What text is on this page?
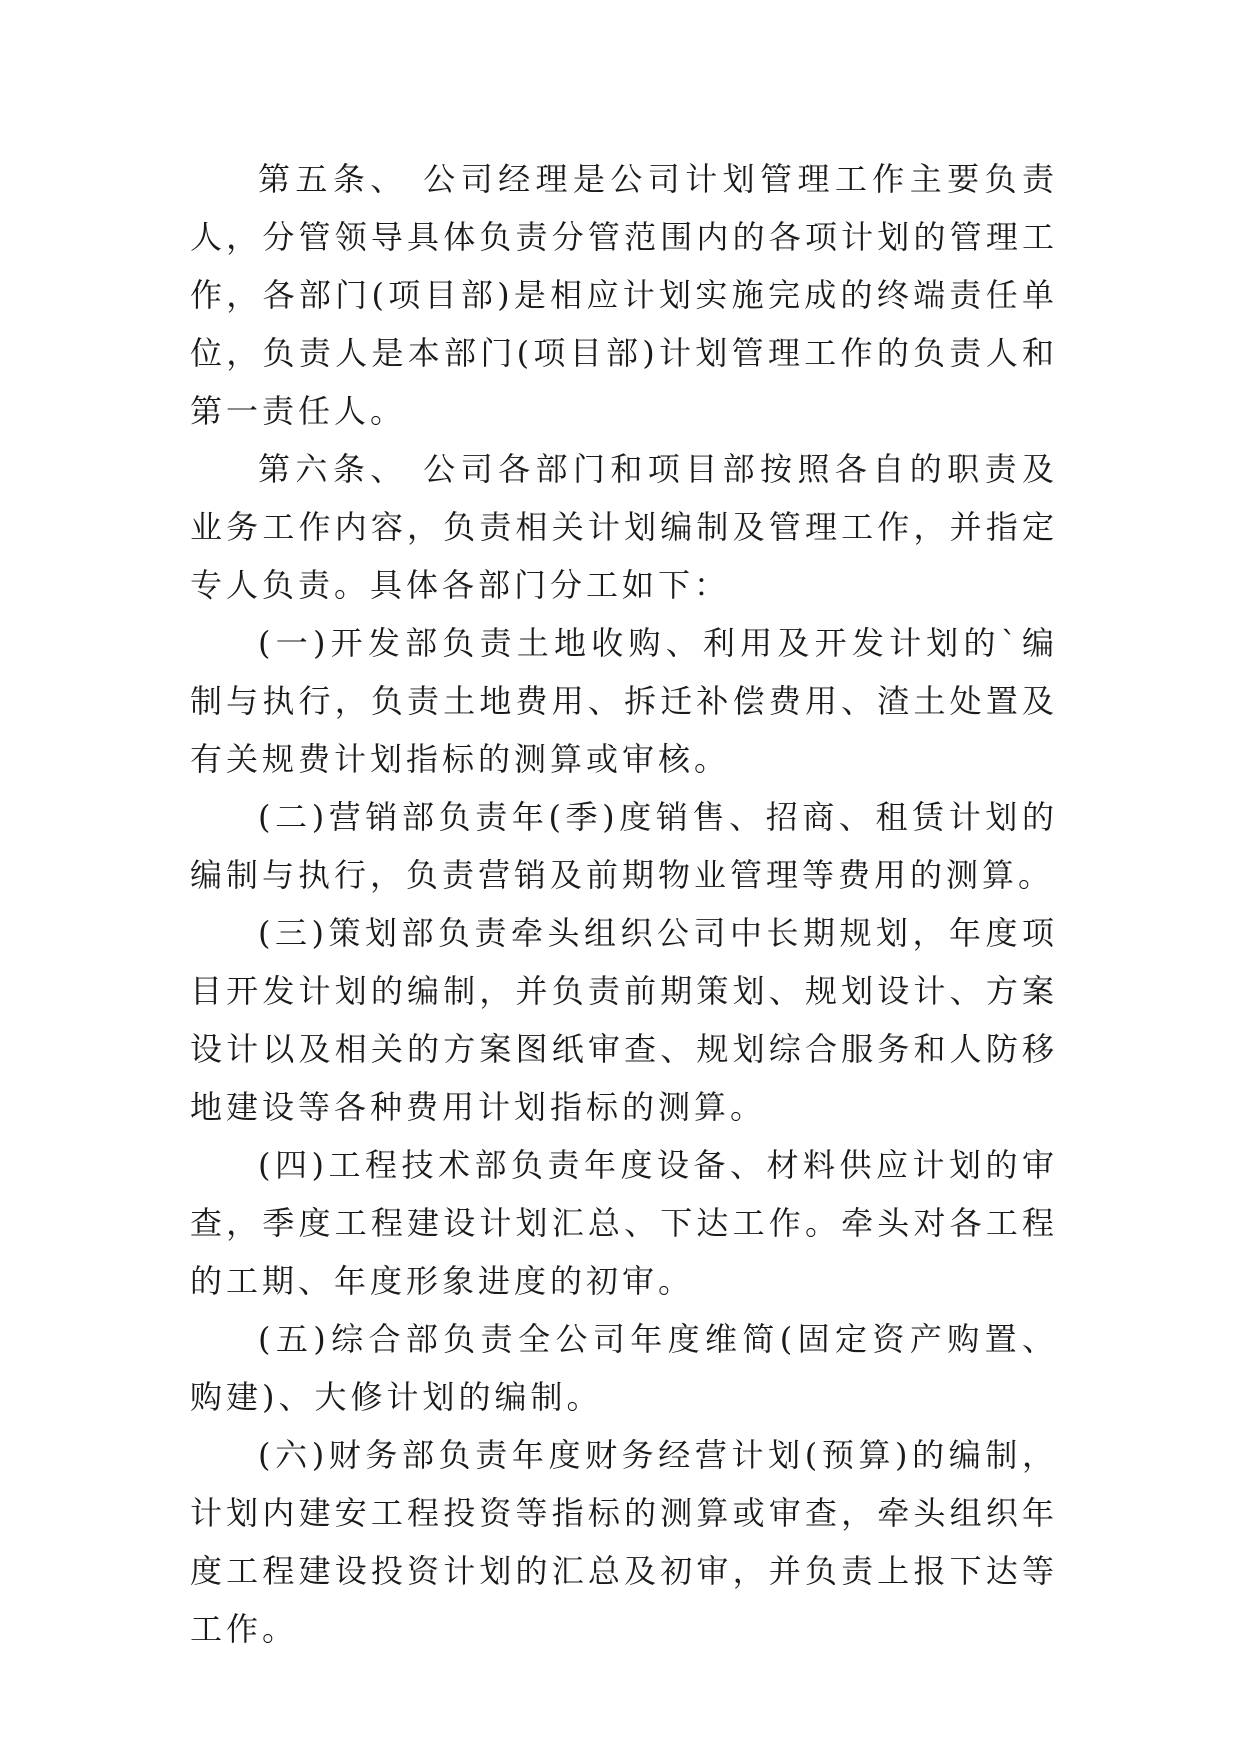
第五条、 公司经理是公司计划管理工作主要负责人，分管领导具体负责分管范围内的各项计划的管理工作，各部门(项目部)是相应计划实施完成的终端责任单位，负责人是本部门(项目部)计划管理工作的负责人和第一责任人。

第六条、 公司各部门和项目部按照各自的职责及业务工作内容，负责相关计划编制及管理工作，并指定专人负责。具体各部门分工如下：

(一)开发部负责土地收购、利用及开发计划的`编制与执行，负责土地费用、拆迁补偿费用、渣土处置及有关规费计划指标的测算或审核。

(二)营销部负责年(季)度销售、招商、租赁计划的编制与执行，负责营销及前期物业管理等费用的测算。

(三)策划部负责牵头组织公司中长期规划，年度项目开发计划的编制，并负责前期策划、规划设计、方案设计以及相关的方案图纸审查、规划综合服务和人防移地建设等各种费用计划指标的测算。

(四)工程技术部负责年度设备、材料供应计划的审查，季度工程建设计划汇总、下达工作。牵头对各工程的工期、年度形象进度的初审。

(五)综合部负责全公司年度维简(固定资产购置、购建)、大修计划的编制。

(六)财务部负责年度财务经营计划(预算)的编制，计划内建安工程投资等指标的测算或审查，牵头组织年度工程建设投资计划的汇总及初审，并负责上报下达等工作。
